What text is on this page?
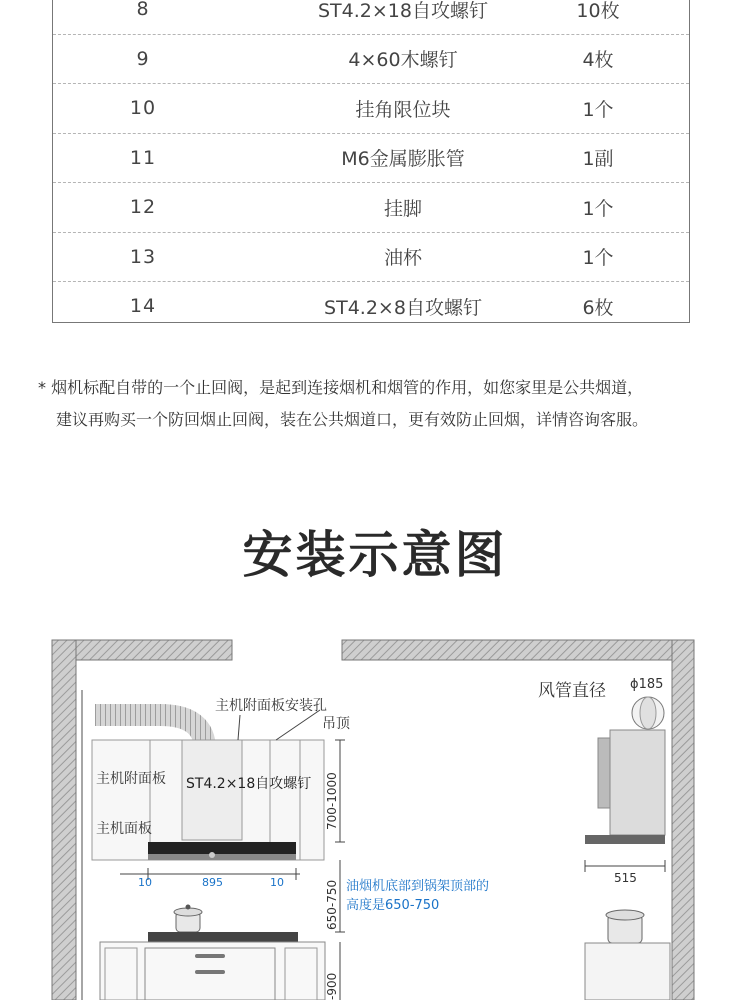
8	ST4.2×18自攻螺钉	10枚
9	4×60木螺钉	4枚
10	挂角限位块	1个
11	M6金属膨胀管	1副
12	挂脚	1个
13	油杯	1个
14	ST4.2×8自攻螺钉	6枚
* 烟机标配自带的一个止回阀，是起到连接烟机和烟管的作用，如您家里是公共烟道，
建议再购买一个防回烟止回阀，装在公共烟道口，更有效防止回烟，详情咨询客服。
安装示意图
主机附面板安装孔
吊顶
主机附面板 ST4.2×18自攻螺钉
主机面板	700-1000
650-750
-900
10	895	10	油烟机底部到锅架顶部的
高度是650-750
风管直径 ϕ185
515
